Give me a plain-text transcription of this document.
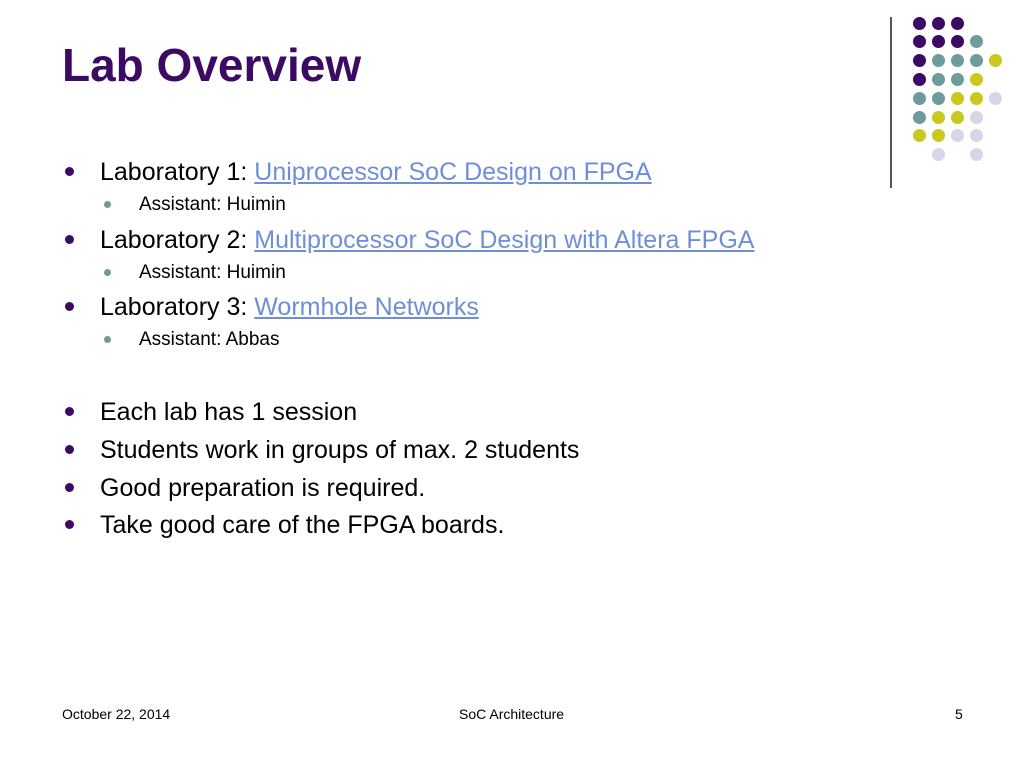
Lab Overview
Laboratory 1: Uniprocessor SoC Design on FPGA
Assistant: Huimin
Laboratory 2: Multiprocessor SoC Design with Altera FPGA
Assistant: Huimin
Laboratory 3: Wormhole Networks
Assistant: Abbas
Each lab has 1 session
Students work in groups of max. 2 students
Good preparation is required.
Take good care of the FPGA boards.
October 22, 2014	SoC Architecture	5
